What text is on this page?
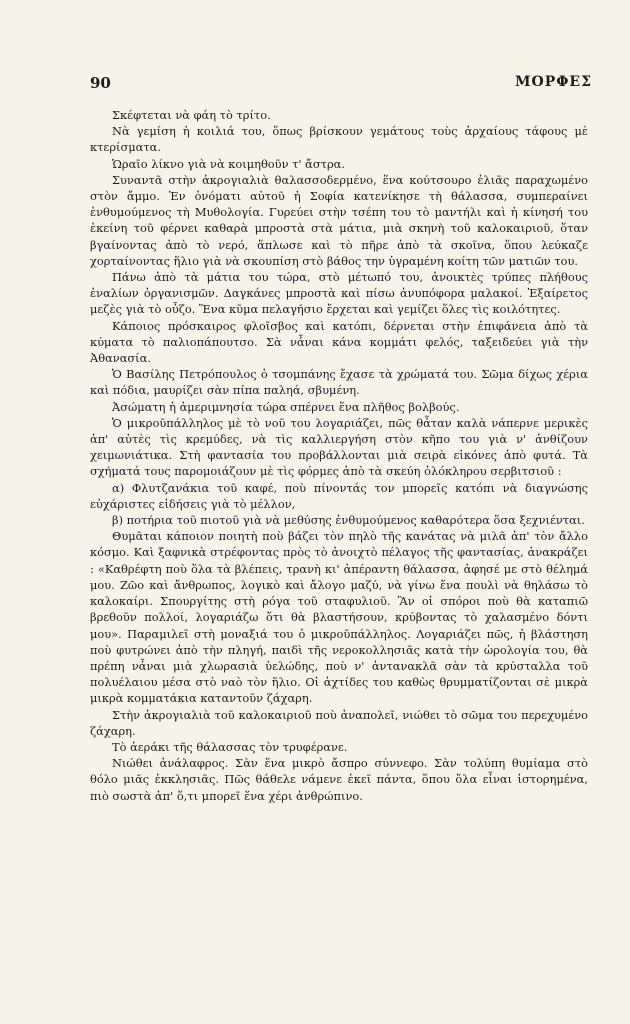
90	ΜΟΡΦΕΣ

Σκέφτεται νὰ φάη τὸ τρίτο.

Νὰ γεμίση ἡ κοιλιά του, ὅπως βρίσκουν γεμάτους τοὺς ἀρχαίους τάφους μὲ κτερίσματα.

Ὡραῖο λίκνο γιὰ νὰ κοιμηθοῦν τ' ἄστρα.

Συναντᾶ στὴν ἀκρογιαλιὰ θαλασσοδερμένο, ἕνα κούτσουρο ἐλιᾶς παραχωμένο στὸν ἄμμο. Ἐν ὀνόματι αὐτοῦ ἡ Σοφία κατενίκησε τὴ θάλασσα, συμπεραίνει ἐνθυμούμενος τὴ Μυθολογία. Γυρεύει στὴν τσέπη του τὸ μαντήλι καὶ ἡ κίνησή του ἐκείνη τοῦ φέρνει καθαρὰ μπροστὰ στὰ μάτια, μιὰ σκηνὴ τοῦ καλοκαιριοῦ, ὅταν βγαίνοντας ἀπὸ τὸ νερό, ἅπλωσε καὶ τὸ πῆρε ἀπὸ τὰ σκοῖνα, ὅπου λεύκαζε χορταίνοντας ἥλιο γιὰ νὰ σκουπίση στὸ βάθος την ὑγραμένη κοίτη τῶν ματιῶν του.

Πάνω ἀπὸ τὰ μάτια του τώρα, στὸ μέτωπό του, ἀνοικτὲς τρύπες πλήθους ἐναλίων ὀργανισμῶν. Δαγκάνες μπροστὰ καὶ πίσω ἀνυπόφορα μαλακοί. Ἐξαίρετος μεζὲς γιὰ τὸ οὖζο. Ἕνα κῦμα πελαγήσιο ἔρχεται καὶ γεμίζει ὅλες τὶς κοιλότητες.

Κάποιος πρόσκαιρος φλοῖσβος καὶ κατόπι, δέρνεται στὴν ἐπιφάνεια ἀπὸ τὰ κύματα τὸ παλιοπάπουτσο. Σὰ νἆναι κάνα κομμάτι φελός, ταξειδεύει γιὰ τὴν Ἀθανασία.

Ὁ Βασίλης Πετρόπουλος ὁ τσομπάνης ἔχασε τὰ χρώματά του. Σῶμα δίχως χέρια καὶ πόδια, μαυρίζει σὰν πίπα παληά, σβυμένη.

Ἀσώματη ἡ ἀμεριμνησία τώρα σπέρνει ἕνα πλῆθος βολβούς.

Ὁ μικροῦπάλληλος μὲ τὸ νοῦ του λογαριάζει, πῶς θἆταν καλὰ νάπερνε μερικὲς ἀπ' αὐτὲς τὶς κρεμύδες, νὰ τὶς καλλιεργήση στὸν κῆπο του γιὰ ν' ἀνθίζουν χειμωνιάτικα. Στὴ φαντασία του προβάλλονται μιὰ σειρὰ εἰκόνες ἀπὸ φυτά. Τὰ σχήματά τους παρομοιάζουν μὲ τὶς φόρμες ἀπὸ τὰ σκεύη ὁλόκληρου σερβιτσιοῦ :

α) Φλυτζανάκια τοῦ καφέ, ποὺ πίνοντάς τον μπορεῖς κατόπι νὰ διαγνώσης εὐχάριστες εἰδήσεις γιὰ τὸ μέλλον,

β) ποτήρια τοῦ πιοτοῦ γιὰ νὰ μεθύσης ἐνθυμούμενος καθαρότερα ὅσα ξεχνιένται.

Θυμᾶται κάποιον ποιητὴ ποὺ βάζει τὸν πηλὸ τῆς κανάτας νὰ μιλᾶ ἀπ' τὸν ἄλλο κόσμο. Καὶ ξαφνικὰ στρέφοντας πρὸς τὸ ἀνοιχτὸ πέλαγος τῆς φαντασίας, ἀνακράζει : «Καθρέφτη ποὺ ὅλα τὰ βλέπεις, τρανὴ κι' ἀπέραντη θάλασσα, ἀφησέ με στὸ θέλημά μου. Ζῶο καὶ ἄνθρωπος, λογικὸ καὶ ἄλογο μαζύ, νὰ γίνω ἕνα πουλὶ νὰ θηλάσω τὸ καλοκαίρι. Σπουργίτης στὴ ρόγα τοῦ σταφυλιοῦ. Ἂν οἱ σπόροι ποὺ θὰ καταπιῶ βρεθοῦν πολλοί, λογαριάζω ὅτι θὰ βλαστήσουν, κρύβοντας τὸ χαλασμένο δόντι μου». Παραμιλεῖ στὴ μοναξιά του ὁ μικροῦπάλληλος. Λογαριάζει πῶς, ἡ βλάστηση ποὺ φυτρώνει ἀπὸ τὴν πληγή, παιδὶ τῆς νεροκολλησιᾶς κατὰ τὴν ὡρολογία του, θὰ πρέπη νἆναι μιὰ χλωρασιὰ ὑελώδης, ποὺ ν' ἀντανακλᾶ σὰν τὰ κρύσταλλα τοῦ πολυέλαιου μέσα στὸ ναὸ τὸν ἥλιο. Οἱ ἀχτίδες του καθὼς θρυμματίζονται σὲ μικρὰ μικρὰ κομματάκια καταντοῦν ζάχαρη.

Στὴν ἀκρογιαλιὰ τοῦ καλοκαιριοῦ ποὺ ἀναπολεῖ, νιώθει τὸ σῶμα του περεχυμένο ζάχαρη.

Τὸ ἀεράκι τῆς θάλασσας τὸν τρυφέρανε.

Νιώθει ἀνάλαφρος. Σὰν ἕνα μικρὸ ἄσπρο σύννεφο. Σὰν τολύπη θυμίαμα στὸ θόλο μιᾶς ἐκκλησιᾶς. Πῶς θάθελε νάμενε ἐκεῖ πάντα, ὅπου ὅλα εἶναι ἱστορημένα, πιὸ σωστὰ ἀπ' ὅ,τι μπορεῖ ἕνα χέρι ἀνθρώπινο.
